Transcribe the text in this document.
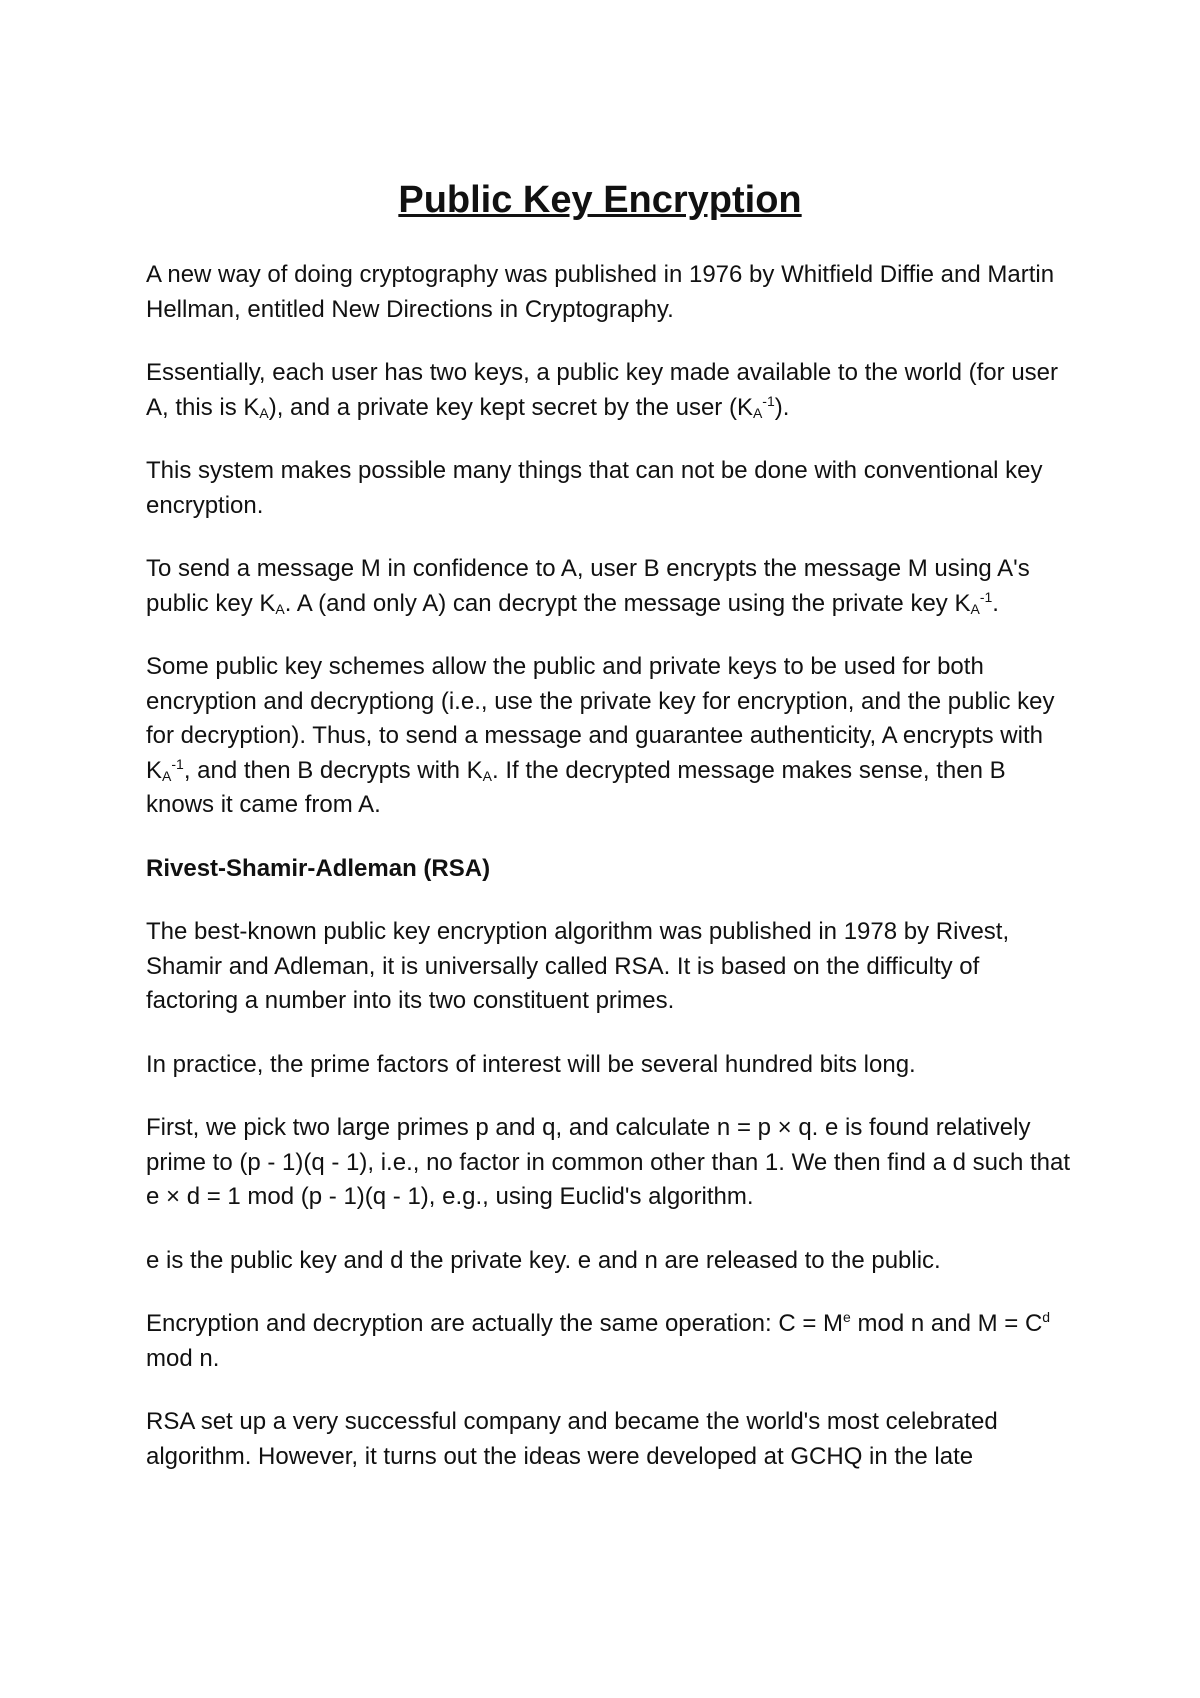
Public Key Encryption

A new way of doing cryptography was published in 1976 by Whitfield Diffie and Martin Hellman, entitled New Directions in Cryptography.

Essentially, each user has two keys, a public key made available to the world (for user A, this is $K_A$), and a private key kept secret by the user $(K_A^{-1})$.

This system makes possible many things that can not be done with conventional key encryption.

To send a message M in confidence to A, user B encrypts the message M using A's public key $K_A$. A (and only A) can decrypt the message using the private key $K_A^{-1}$.

Some public key schemes allow the public and private keys to be used for both encryption and decryptiong (i.e., use the private key for encryption, and the public key for decryption). Thus, to send a message and guarantee authenticity, A encrypts with $K_A^{-1}$, and then B decrypts with $K_A$. If the decrypted message makes sense, then B knows it came from A.

Rivest-Shamir-Adleman (RSA)

The best-known public key encryption algorithm was published in 1978 by Rivest, Shamir and Adleman, it is universally called RSA. It is based on the difficulty of factoring a number into its two constituent primes.

In practice, the prime factors of interest will be several hundred bits long.

First, we pick two large primes p and q, and calculate n = p × q. e is found relatively prime to (p - 1)(q - 1), i.e., no factor in common other than 1. We then find a d such that e × d = 1 mod (p - 1)(q - 1), e.g., using Euclid's algorithm.

e is the public key and d the private key. e and n are released to the public.

Encryption and decryption are actually the same operation: $C = M^e$ mod n and $M = C^d$ mod n.

RSA set up a very successful company and became the world's most celebrated algorithm. However, it turns out the ideas were developed at GCHQ in the late
